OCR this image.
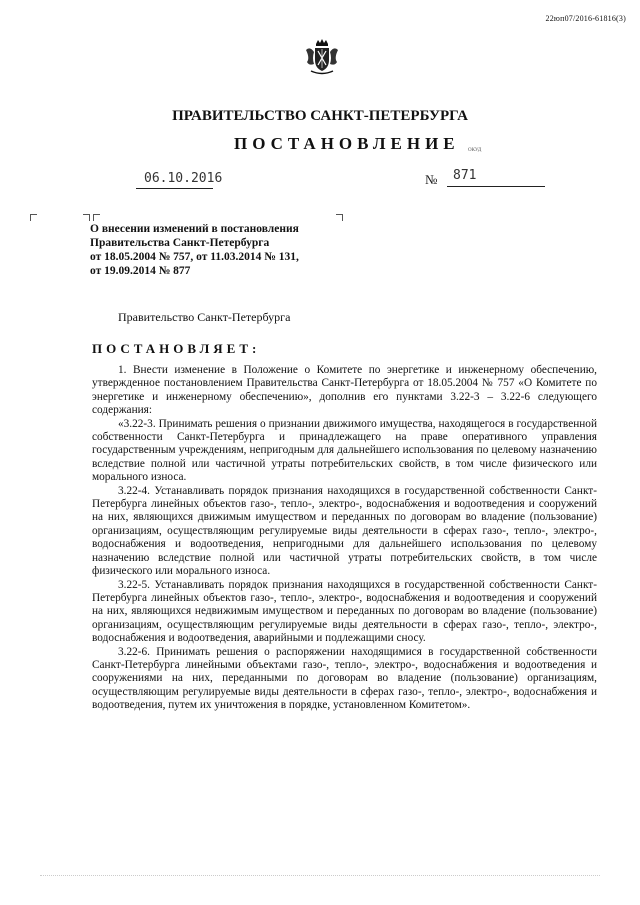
22юп07/2016-61816(3)
ПРАВИТЕЛЬСТВО САНКТ-ПЕТЕРБУРГА
ПОСТАНОВЛЕНИЕ ОКУД
06.10.2016	№ 871
О внесении изменений в постановления
Правительства Санкт-Петербурга
от 18.05.2004 № 757, от 11.03.2014 № 131,
от 19.09.2014 № 877
Правительство Санкт-Петербурга
ПОСТАНОВЛЯЕТ:

1. Внести изменение в Положение о Комитете по энергетике и инженерному обеспечению, утвержденное постановлением Правительства Санкт-Петербурга от 18.05.2004 № 757 «О Комитете по энергетике и инженерному обеспечению», дополнив его пунктами 3.22-3 – 3.22-6 следующего содержания:

«3.22-3. Принимать решения о признании движимого имущества, находящегося в государственной собственности Санкт-Петербурга и принадлежащего на праве оперативного управления государственным учреждениям, непригодным для дальнейшего использования по целевому назначению вследствие полной или частичной утраты потребительских свойств, в том числе физического или морального износа.

3.22-4. Устанавливать порядок признания находящихся в государственной собственности Санкт-Петербурга линейных объектов газо-, тепло-, электро-, водоснабжения и водоотведения и сооружений на них, являющихся движимым имуществом и переданных по договорам во владение (пользование) организациям, осуществляющим регулируемые виды деятельности в сферах газо-, тепло-, электро-, водоснабжения и водоотведения, непригодными для дальнейшего использования по целевому назначению вследствие полной или частичной утраты потребительских свойств, в том числе физического или морального износа.

3.22-5. Устанавливать порядок признания находящихся в государственной собственности Санкт-Петербурга линейных объектов газо-, тепло-, электро-, водоснабжения и водоотведения и сооружений на них, являющихся недвижимым имуществом и переданных по договорам во владение (пользование) организациям, осуществляющим регулируемые виды деятельности в сферах газо-, тепло-, электро-, водоснабжения и водоотведения, аварийными и подлежащими сносу.

3.22-6. Принимать решения о распоряжении находящимися в государственной собственности Санкт-Петербурга линейными объектами газо-, тепло-, электро-, водоснабжения и водоотведения и сооружениями на них, переданными по договорам во владение (пользование) организациям, осуществляющим регулируемые виды деятельности в сферах газо-, тепло-, электро-, водоснабжения и водоотведения, путем их уничтожения в порядке, установленном Комитетом».
